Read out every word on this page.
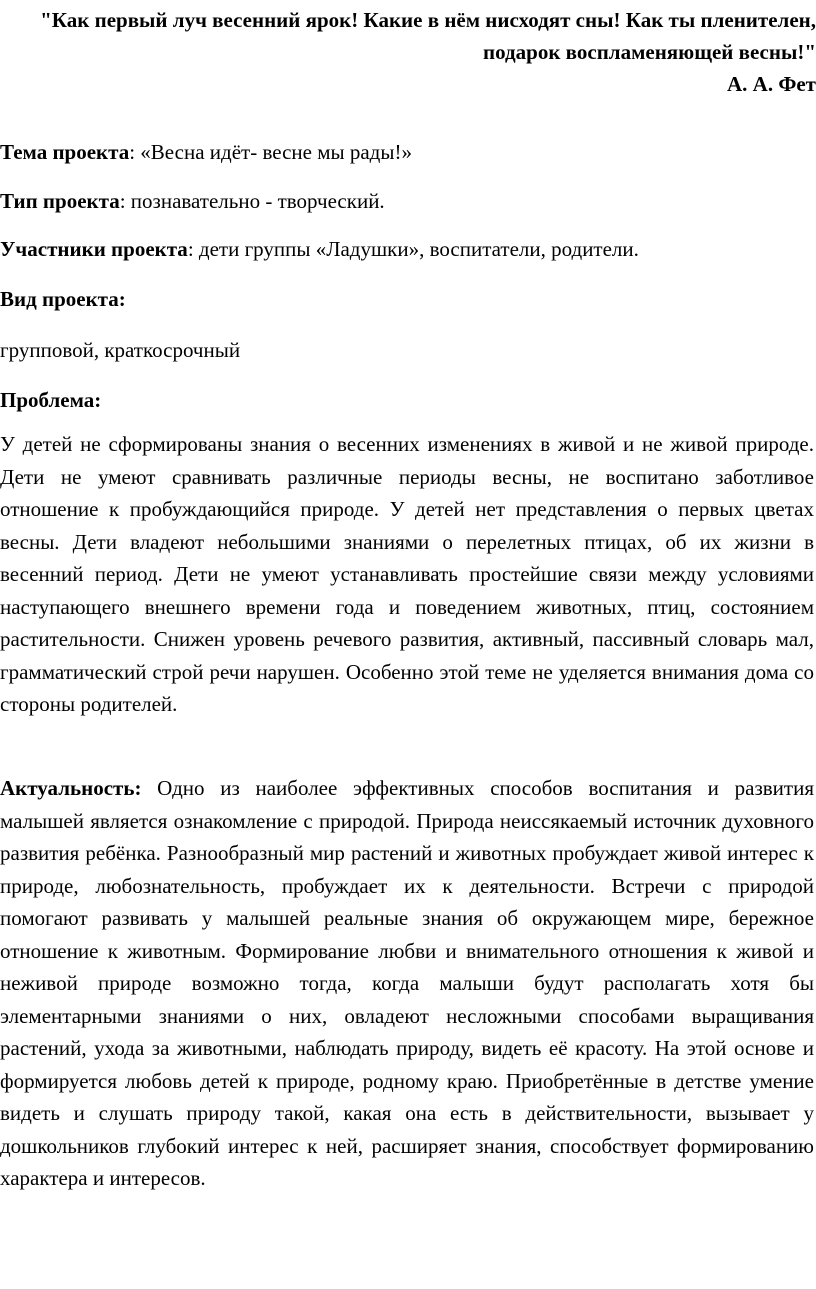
"Как первый луч весенний ярок! Какие в нём нисходят сны! Как ты пленителен, подарок воспламеняющей весны!"
А. А. Фет
Тема проекта: «Весна идёт- весне мы рады!»
Тип проекта: познавательно - творческий.
Участники проекта: дети группы «Ладушки», воспитатели, родители.
Вид проекта:
групповой, краткосрочный
Проблема:
У детей не сформированы знания о весенних изменениях в живой и не живой природе. Дети не умеют сравнивать различные периоды весны, не воспитано заботливое отношение к пробуждающийся природе. У детей нет представления о первых цветах весны. Дети владеют небольшими знаниями о перелетных птицах, об их жизни в весенний период. Дети не умеют устанавливать простейшие связи между условиями наступающего внешнего времени года и поведением животных, птиц, состоянием растительности. Снижен уровень речевого развития, активный, пассивный словарь мал, грамматический строй речи нарушен. Особенно этой теме не уделяется внимания дома со стороны родителей.
Актуальность: Одно из наиболее эффективных способов воспитания и развития малышей является ознакомление с природой. Природа неиссякаемый источник духовного развития ребёнка. Разнообразный мир растений и животных пробуждает живой интерес к природе, любознательность, пробуждает их к деятельности. Встречи с природой помогают развивать у малышей реальные знания об окружающем мире, бережное отношение к животным. Формирование любви и внимательного отношения к живой и неживой природе возможно тогда, когда малыши будут располагать хотя бы элементарными знаниями о них, овладеют несложными способами выращивания растений, ухода за животными, наблюдать природу, видеть её красоту. На этой основе и формируется любовь детей к природе, родному краю. Приобретённые в детстве умение видеть и слушать природу такой, какая она есть в действительности, вызывает у дошкольников глубокий интерес к ней, расширяет знания, способствует формированию характера и интересов.
